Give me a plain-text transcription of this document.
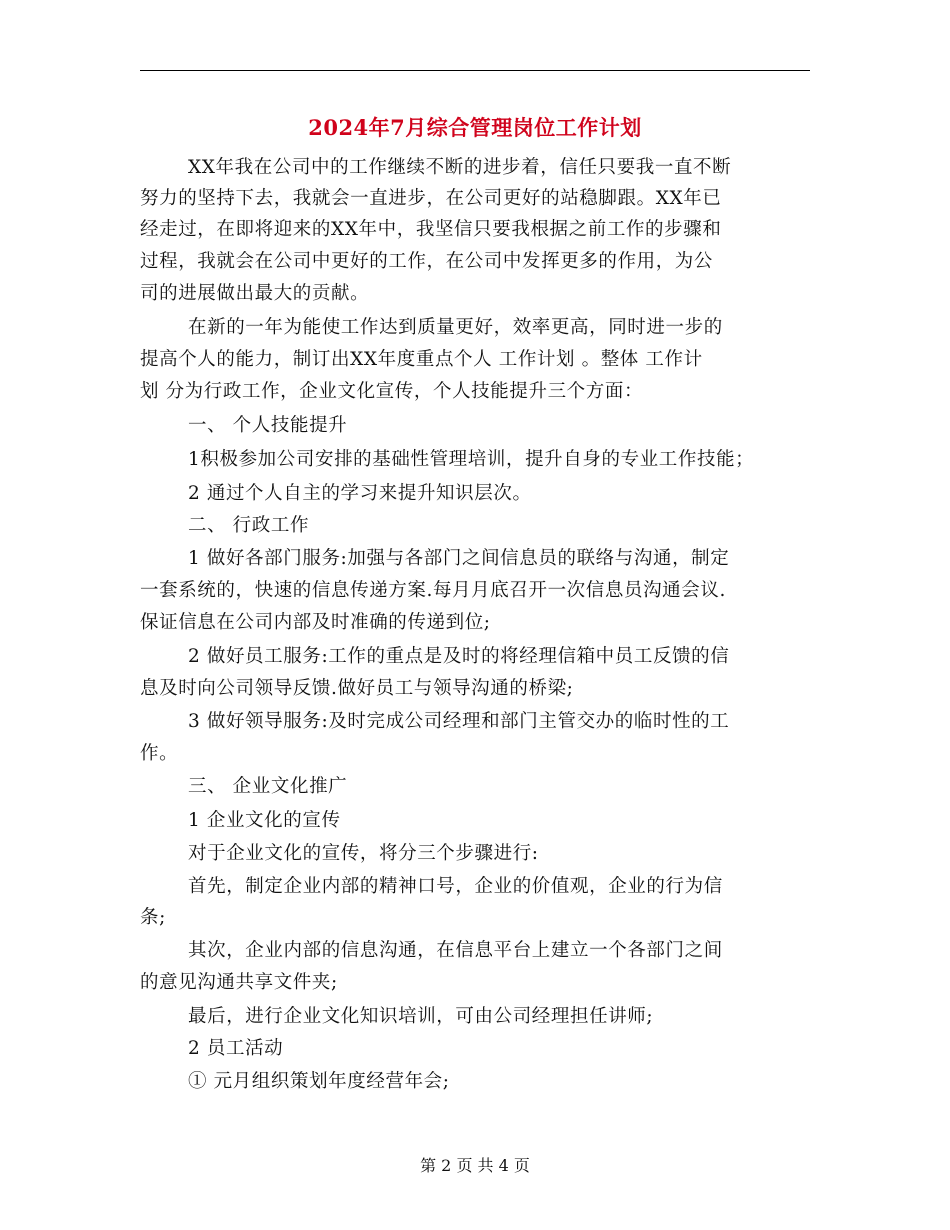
2024年7月综合管理岗位工作计划
XX年我在公司中的工作继续不断的进步着，信任只要我一直不断
努力的坚持下去，我就会一直进步，在公司更好的站稳脚跟。XX年已
经走过，在即将迎来的XX年中，我坚信只要我根据之前工作的步骤和
过程，我就会在公司中更好的工作，在公司中发挥更多的作用，为公
司的进展做出最大的贡献。
在新的一年为能使工作达到质量更好，效率更高，同时进一步的
提高个人的能力，制订出XX年度重点个人 工作计划 。整体 工作计
划 分为行政工作，企业文化宣传，个人技能提升三个方面：
一、 个人技能提升
1积极参加公司安排的基础性管理培训，提升自身的专业工作技能；
2 通过个人自主的学习来提升知识层次。
二、 行政工作
1 做好各部门服务:加强与各部门之间信息员的联络与沟通，制定
一套系统的，快速的信息传递方案.每月月底召开一次信息员沟通会议.
保证信息在公司内部及时准确的传递到位;
2 做好员工服务:工作的重点是及时的将经理信箱中员工反馈的信
息及时向公司领导反馈.做好员工与领导沟通的桥梁;
3 做好领导服务:及时完成公司经理和部门主管交办的临时性的工
作。
三、 企业文化推广
1 企业文化的宣传
对于企业文化的宣传，将分三个步骤进行:
首先，制定企业内部的精神口号，企业的价值观，企业的行为信
条;
其次，企业内部的信息沟通，在信息平台上建立一个各部门之间
的意见沟通共享文件夹;
最后，进行企业文化知识培训，可由公司经理担任讲师;
2 员工活动
① 元月组织策划年度经营年会;
第 2 页 共 4 页
